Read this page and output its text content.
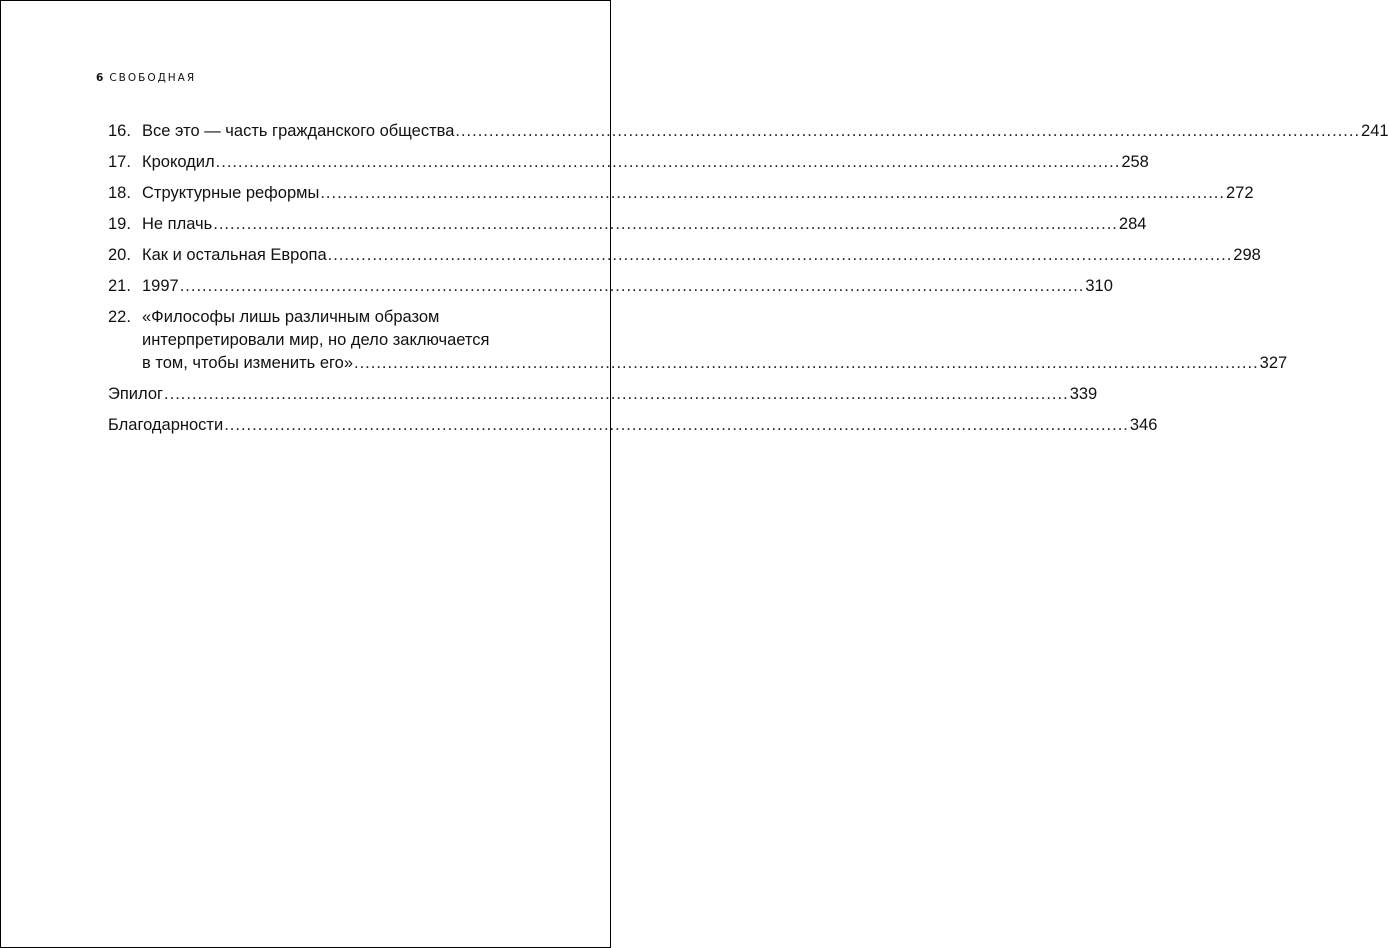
6 СВОБОДНАЯ
16. Все это — часть гражданского общества .................................................................................................................................................................. 241
17. Крокодил .................................................................................................................................................................. 258
18. Структурные реформы .................................................................................................................................................................. 272
19. Не плачь .................................................................................................................................................................. 284
20. Как и остальная Европа .................................................................................................................................................................. 298
21. 1997 .................................................................................................................................................................. 310
22. «Философы лишь различным образом
интерпретировали мир, но дело заключается
в том, чтобы изменить его» .................................................................................................................................................................. 327
Эпилог .................................................................................................................................................................. 339
Благодарности .................................................................................................................................................................. 346
